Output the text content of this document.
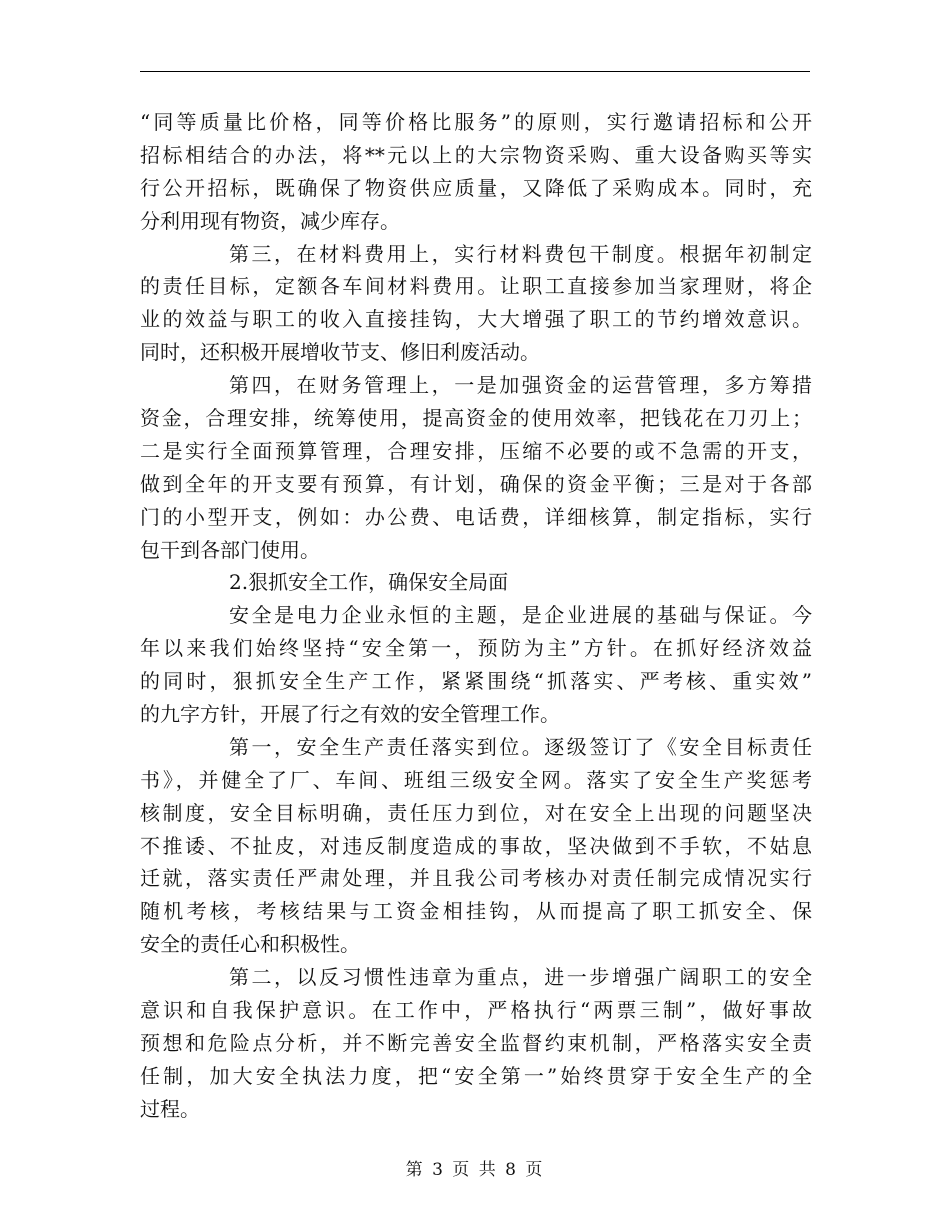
“同等质量比价格，同等价格比服务”的原则，实行邀请招标和公开
招标相结合的办法，将**元以上的大宗物资采购、重大设备购买等实
行公开招标，既确保了物资供应质量，又降低了采购成本。同时，充
分利用现有物资，减少库存。
第三，在材料费用上，实行材料费包干制度。根据年初制定
的责任目标，定额各车间材料费用。让职工直接参加当家理财，将企
业的效益与职工的收入直接挂钩，大大增强了职工的节约增效意识。
同时，还积极开展增收节支、修旧利废活动。
第四，在财务管理上，一是加强资金的运营管理，多方筹措
资金，合理安排，统筹使用，提高资金的使用效率，把钱花在刀刃上；
二是实行全面预算管理，合理安排，压缩不必要的或不急需的开支，
做到全年的开支要有预算，有计划，确保的资金平衡；三是对于各部
门的小型开支，例如：办公费、电话费，详细核算，制定指标，实行
包干到各部门使用。
2.狠抓安全工作，确保安全局面
安全是电力企业永恒的主题，是企业进展的基础与保证。今
年以来我们始终坚持“安全第一，预防为主”方针。在抓好经济效益
的同时，狠抓安全生产工作，紧紧围绕“抓落实、严考核、重实效”
的九字方针，开展了行之有效的安全管理工作。
第一，安全生产责任落实到位。逐级签订了《安全目标责任
书》，并健全了厂、车间、班组三级安全网。落实了安全生产奖惩考
核制度，安全目标明确，责任压力到位，对在安全上出现的问题坚决
不推诿、不扯皮，对违反制度造成的事故，坚决做到不手软，不姑息
迁就，落实责任严肃处理，并且我公司考核办对责任制完成情况实行
随机考核，考核结果与工资金相挂钩，从而提高了职工抓安全、保
安全的责任心和积极性。
第二，以反习惯性违章为重点，进一步增强广阔职工的安全
意识和自我保护意识。在工作中，严格执行“两票三制”，做好事故
预想和危险点分析，并不断完善安全监督约束机制，严格落实安全责
任制，加大安全执法力度，把“安全第一”始终贯穿于安全生产的全
过程。
第 3 页 共 8 页
